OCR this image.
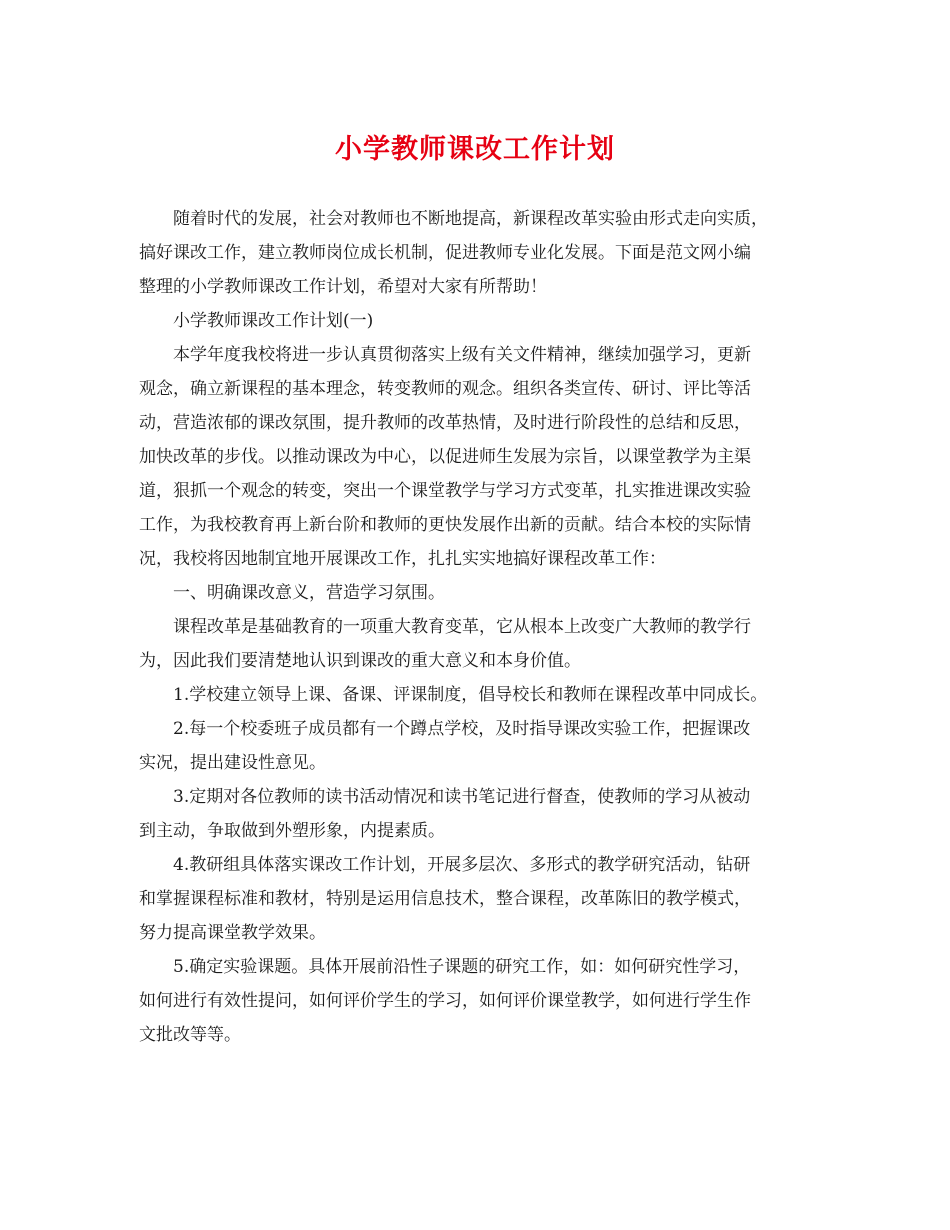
小学教师课改工作计划

随着时代的发展，社会对教师也不断地提高，新课程改革实验由形式走向实质，
搞好课改工作，建立教师岗位成长机制，促进教师专业化发展。下面是范文网小编
整理的小学教师课改工作计划，希望对大家有所帮助！

小学教师课改工作计划(一)

本学年度我校将进一步认真贯彻落实上级有关文件精神，继续加强学习，更新
观念，确立新课程的基本理念，转变教师的观念。组织各类宣传、研讨、评比等活
动，营造浓郁的课改氛围，提升教师的改革热情，及时进行阶段性的总结和反思，
加快改革的步伐。以推动课改为中心，以促进师生发展为宗旨，以课堂教学为主渠
道，狠抓一个观念的转变，突出一个课堂教学与学习方式变革，扎实推进课改实验
工作，为我校教育再上新台阶和教师的更快发展作出新的贡献。结合本校的实际情
况，我校将因地制宜地开展课改工作，扎扎实实地搞好课程改革工作：

一、明确课改意义，营造学习氛围。

课程改革是基础教育的一项重大教育变革，它从根本上改变广大教师的教学行
为，因此我们要清楚地认识到课改的重大意义和本身价值。

1.学校建立领导上课、备课、评课制度，倡导校长和教师在课程改革中同成长。

2.每一个校委班子成员都有一个蹲点学校，及时指导课改实验工作，把握课改
实况，提出建设性意见。

3.定期对各位教师的读书活动情况和读书笔记进行督查，使教师的学习从被动
到主动，争取做到外塑形象，内提素质。

4.教研组具体落实课改工作计划，开展多层次、多形式的教学研究活动，钻研
和掌握课程标准和教材，特别是运用信息技术，整合课程，改革陈旧的教学模式，
努力提高课堂教学效果。

5.确定实验课题。具体开展前沿性子课题的研究工作，如：如何研究性学习，
如何进行有效性提问，如何评价学生的学习，如何评价课堂教学，如何进行学生作
文批改等等。
